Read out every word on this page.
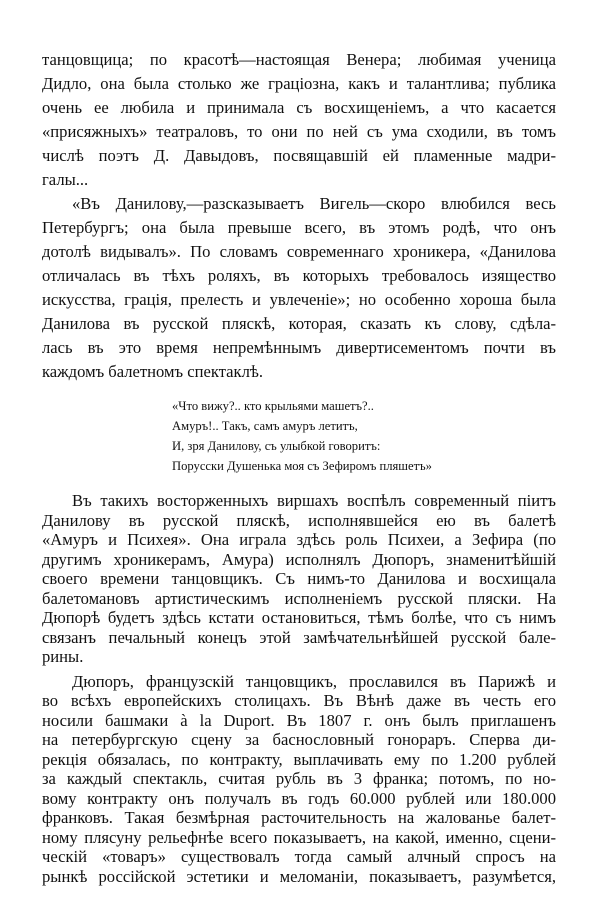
танцовщица; по красотѣ—настоящая Венера; любимая ученица
Дидло, она была столько же граціозна, какъ и талантлива; публика
очень ее любила и принимала съ восхищеніемъ, а что касается
«присяжныхъ» театраловъ, то они по ней съ ума сходили, въ томъ
числѣ поэтъ Д. Давыдовъ, посвящавшій ей пламенные мадри-
галы...
«Въ Данилову,—разсказываетъ Вигель—скоро влюбился весь
Петербургъ; она была превыше всего, въ этомъ родѣ, что онъ
дотолѣ видывалъ». По словамъ современнаго хроникера, «Данилова
отличалась въ тѣхъ роляхъ, въ которыхъ требовалось изящество
искусства, грація, прелесть и увлеченіе»; но особенно хороша была
Данилова въ русской пляскѣ, которая, сказать къ слову, сдѣла-
лась въ это время непремѣннымъ дивертисементомъ почти въ
каждомъ балетномъ спектаклѣ.
«Что вижу?.. кто крыльями машетъ?..
Амуръ!.. Такъ, самъ амуръ летитъ,
И, зря Данилову, съ улыбкой говоритъ:
Порусски Душенька моя съ Зефиромъ пляшетъ»
Въ такихъ восторженныхъ виршахъ воспѣлъ современный піитъ
Данилову въ русской пляскѣ, исполнявшейся ею въ балетѣ
«Амуръ и Психея». Она играла здѣсь роль Психеи, а Зефира (по
другимъ хроникерамъ, Амура) исполнялъ Дюпоръ, знаменитѣйшій
своего времени танцовщикъ. Съ нимъ-то Данилова и восхищала
балетомановъ артистическимъ исполненіемъ русской пляски. На
Дюпорѣ будетъ здѣсь кстати остановиться, тѣмъ болѣе, что съ нимъ
связанъ печальный конецъ этой замѣчательнѣйшей русской бале-
рины.
Дюпоръ, французскій танцовщикъ, прославился въ Парижѣ и
во всѣхъ европейскихъ столицахъ. Въ Вѣнѣ даже въ честь его
носили башмаки à la Duport. Въ 1807 г. онъ былъ приглашенъ
на петербургскую сцену за баснословный гонораръ. Сперва ди-
рекція обязалась, по контракту, выплачивать ему по 1.200 рублей
за каждый спектакль, считая рубль въ 3 франка; потомъ, по но-
вому контракту онъ получалъ въ годъ 60.000 рублей или 180.000
франковъ. Такая безмѣрная расточительность на жалованье балет-
ному плясуну рельефнѣе всего показываетъ, на какой, именно, сцени-
ческій «товаръ» существовалъ тогда самый алчный спросъ на
рынкѣ россійской эстетики и меломаніи, показываетъ, разумѣется,
